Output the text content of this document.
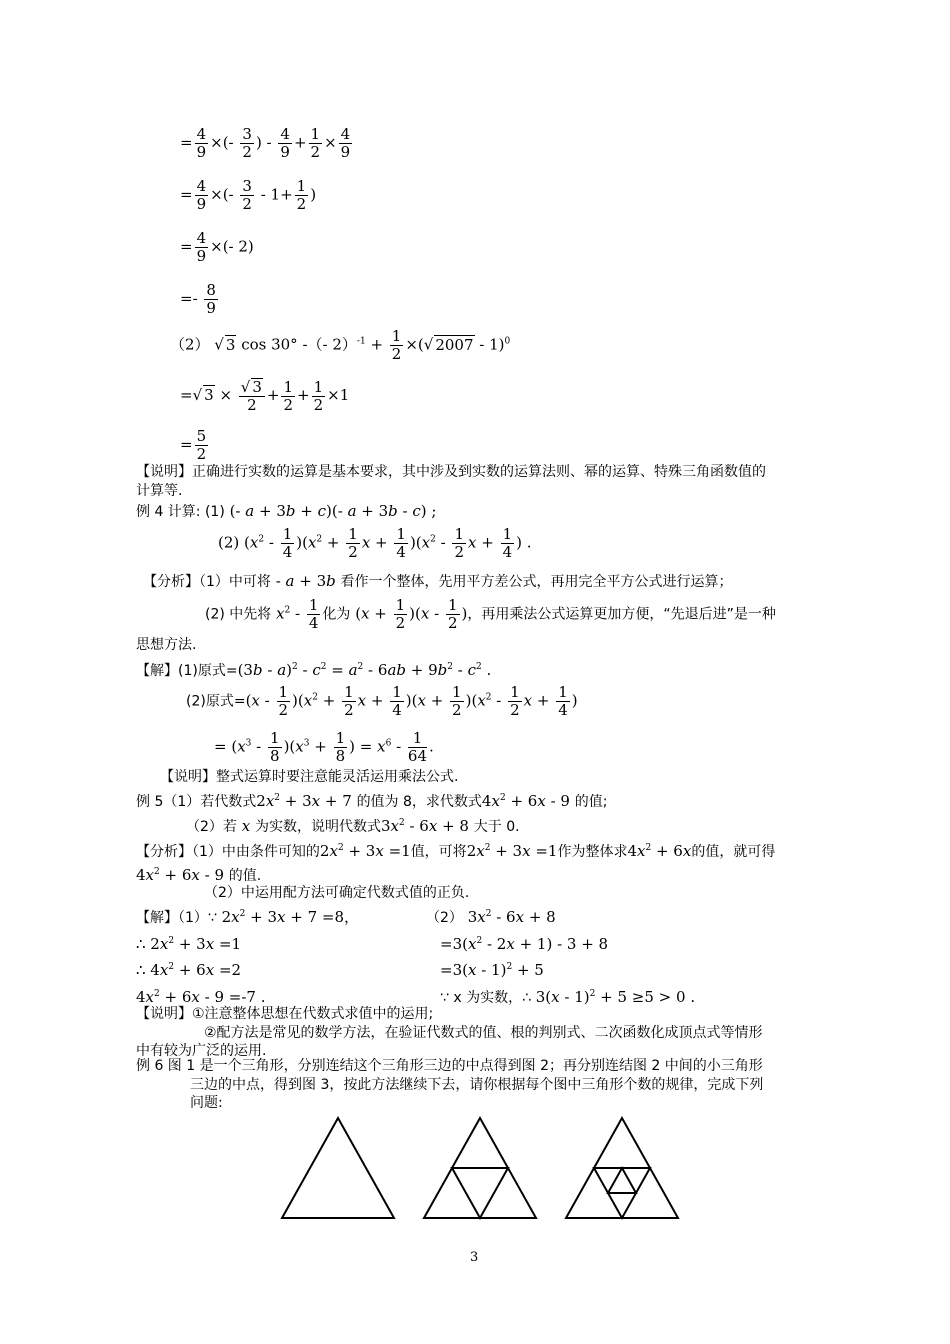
= $\frac{4}{9}$ ×(- $\frac{3}{2}$ ) - $\frac{4}{9} + \frac{1}{2} \times \frac{4}{9}$
= $\frac{4}{9}$ ×(- $\frac{3}{2} - 1+ \frac{1}{2}$ )
= $\frac{4}{9}$ ×(- 2)
=- $\frac{8}{9}$
（2） √ 3 cos 30° -（- $2)^{-1} + \frac{1}{2}$ ×(√ 2007 - 1)$^0$
=√ $3 \times \frac{√ 3}{2} + \frac{1}{2} + \frac{1}{2} \times 1$
= $\frac{5}{2}$
【说明】正确进行实数的运算是基本要求，其中涉及到实数的运算法则、幂的运算、特殊三角函数值的
计算等.
例 4 计算: (1) (- a + 3b + c)(- a + 3b - c) ;
(2) $(x^2 - \frac{1}{4} )(x^2 + \frac{1}{2}$ $x + \frac{1}{4} )(x^2 - \frac{1}{2}$ $x + \frac{1}{4}$ ) .
【分析】（1）中可将 - a + 3b 看作一个整体，先用平方差公式，再用完全平方公式进行运算；
(2) 中先将 $x^2 - \frac{1}{4}$ 化为 $(x + \frac{1}{2} )(x - \frac{1}{2}$ )，再用乘法公式运算更加方便，“先退后进”是一种
思想方法.
【解】(1)原式$=(3b - a)^2 - c^2 = a^2 - 6ab + 9b^2 - c^2$ .
(2)原式$=(x - \frac{1}{2} )(x^2 + \frac{1}{2}$ $x + \frac{1}{4} )(x + \frac{1}{2} )(x^2 - \frac{1}{2}$ $x + \frac{1}{4}$ )
= $(x^3 - \frac{1}{8} )(x^3 + \frac{1}{8}$ ) = $x^6 - \frac{1}{64}$ .
【说明】整式运算时要注意能灵活运用乘法公式.
例 5（1）若代数式$2x^2 + 3x + 7$ 的值为 8，求代数式$4x^2 + 6x - 9$ 的值;
（2）若 x 为实数，说明代数式$3x^2 - 6x + 8$ 大于 0.
【分析】（1）中由条件可知的$2x^2 + 3x =1$值，可将$2x^2 + 3x =1$作为整体求$4x^2 + 6x$的值，就可得
$4x^2 + 6x - 9$ 的值.
（2）中运用配方法可确定代数式值的正负.
【解】（1）∵ $2x^2 + 3x + 7 =8$，	（2） $3x^2 - 6x + 8$
∴ $2x^2 + 3x =1$	$=3(x^2 - 2x + 1) - 3 + 8$
∴ $4x^2 + 6x =2$	=3(x - 1)$^2$ + 5
$4x^2 + 6x - 9 =-7$ .	∵ x 为实数，∴ 3(x - 1)$^2$ + 5 ≥5 > 0 .
【说明】①注意整体思想在代数式求值中的运用;
②配方法是常见的数学方法，在验证代数式的值、根的判别式、二次函数化成顶点式等情形
中有较为广泛的运用.
例 6 图 1 是一个三角形，分别连结这个三角形三边的中点得到图 2；再分别连结图 2 中间的小三角形
三边的中点，得到图 3，按此方法继续下去，请你根据每个图中三角形个数的规律，完成下列
问题:
3
